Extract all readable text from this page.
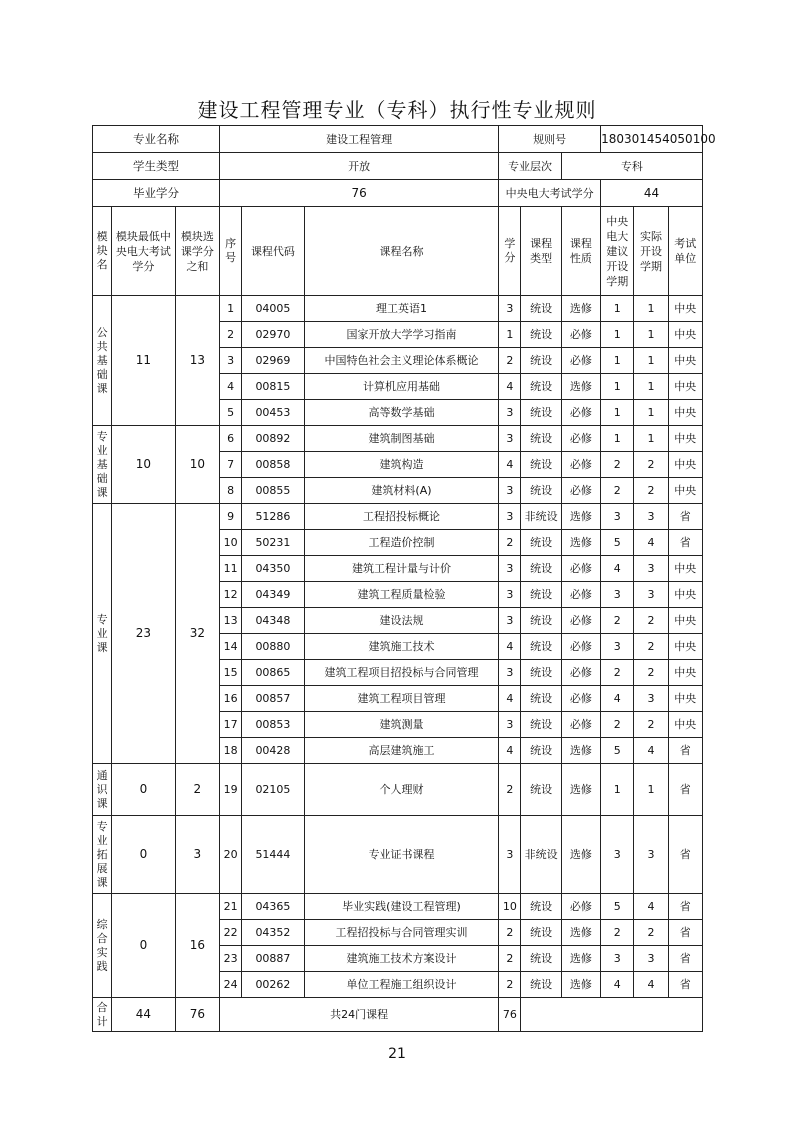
建设工程管理专业（专科）执行性专业规则
专业名称			建设工程管理			规则号			180301454050100		
学生类型			开放			专业层次		专科			
毕业学分			76			中央电大考试学分			44		

模块名	模块最低中央电大考试学分	模块选课学分之和	序号	课程代码	课程名称	学分	课程类型	课程性质	中央电大建议开设学期	实际开设学期	考试单位

公共基础课	11	13	1	04005	理工英语1	3	统设	选修	1	1	中央
			2	02970	国家开放大学学习指南	1	统设	必修	1	1	中央
			3	02969	中国特色社会主义理论体系概论	2	统设	必修	1	1	中央
			4	00815	计算机应用基础	4	统设	选修	1	1	中央
			5	00453	高等数学基础	3	统设	必修	1	1	中央

专业基础课	10	10	6	00892	建筑制图基础	3	统设	必修	1	1	中央
			7	00858	建筑构造	4	统设	必修	2	2	中央
			8	00855	建筑材料(A)	3	统设	必修	2	2	中央

专业课	23	32	9	51286	工程招投标概论	3	非统设	选修	3	3	省
			10	50231	工程造价控制	2	统设	选修	5	4	省
			11	04350	建筑工程计量与计价	3	统设	必修	4	3	中央
			12	04349	建筑工程质量检验	3	统设	必修	3	3	中央
			13	04348	建设法规	3	统设	必修	2	2	中央
			14	00880	建筑施工技术	4	统设	必修	3	2	中央
			15	00865	建筑工程项目招投标与合同管理	3	统设	必修	2	2	中央
			16	00857	建筑工程项目管理	4	统设	必修	4	3	中央
			17	00853	建筑测量	3	统设	必修	2	2	中央
			18	00428	高层建筑施工	4	统设	选修	5	4	省

通识课	0	2	19	02105	个人理财	2	统设	选修	1	1	省

专业拓展课	0	3	20	51444	专业证书课程	3	非统设	选修	3	3	省

综合实践	0	16	21	04365	毕业实践(建设工程管理)	10	统设	必修	5	4	省
			22	04352	工程招投标与合同管理实训	2	统设	选修	2	2	省
			23	00887	建筑施工技术方案设计	2	统设	选修	3	3	省
			24	00262	单位工程施工组织设计	2	统设	选修	4	4	省

合计	44	76	共24门课程			76					
21
